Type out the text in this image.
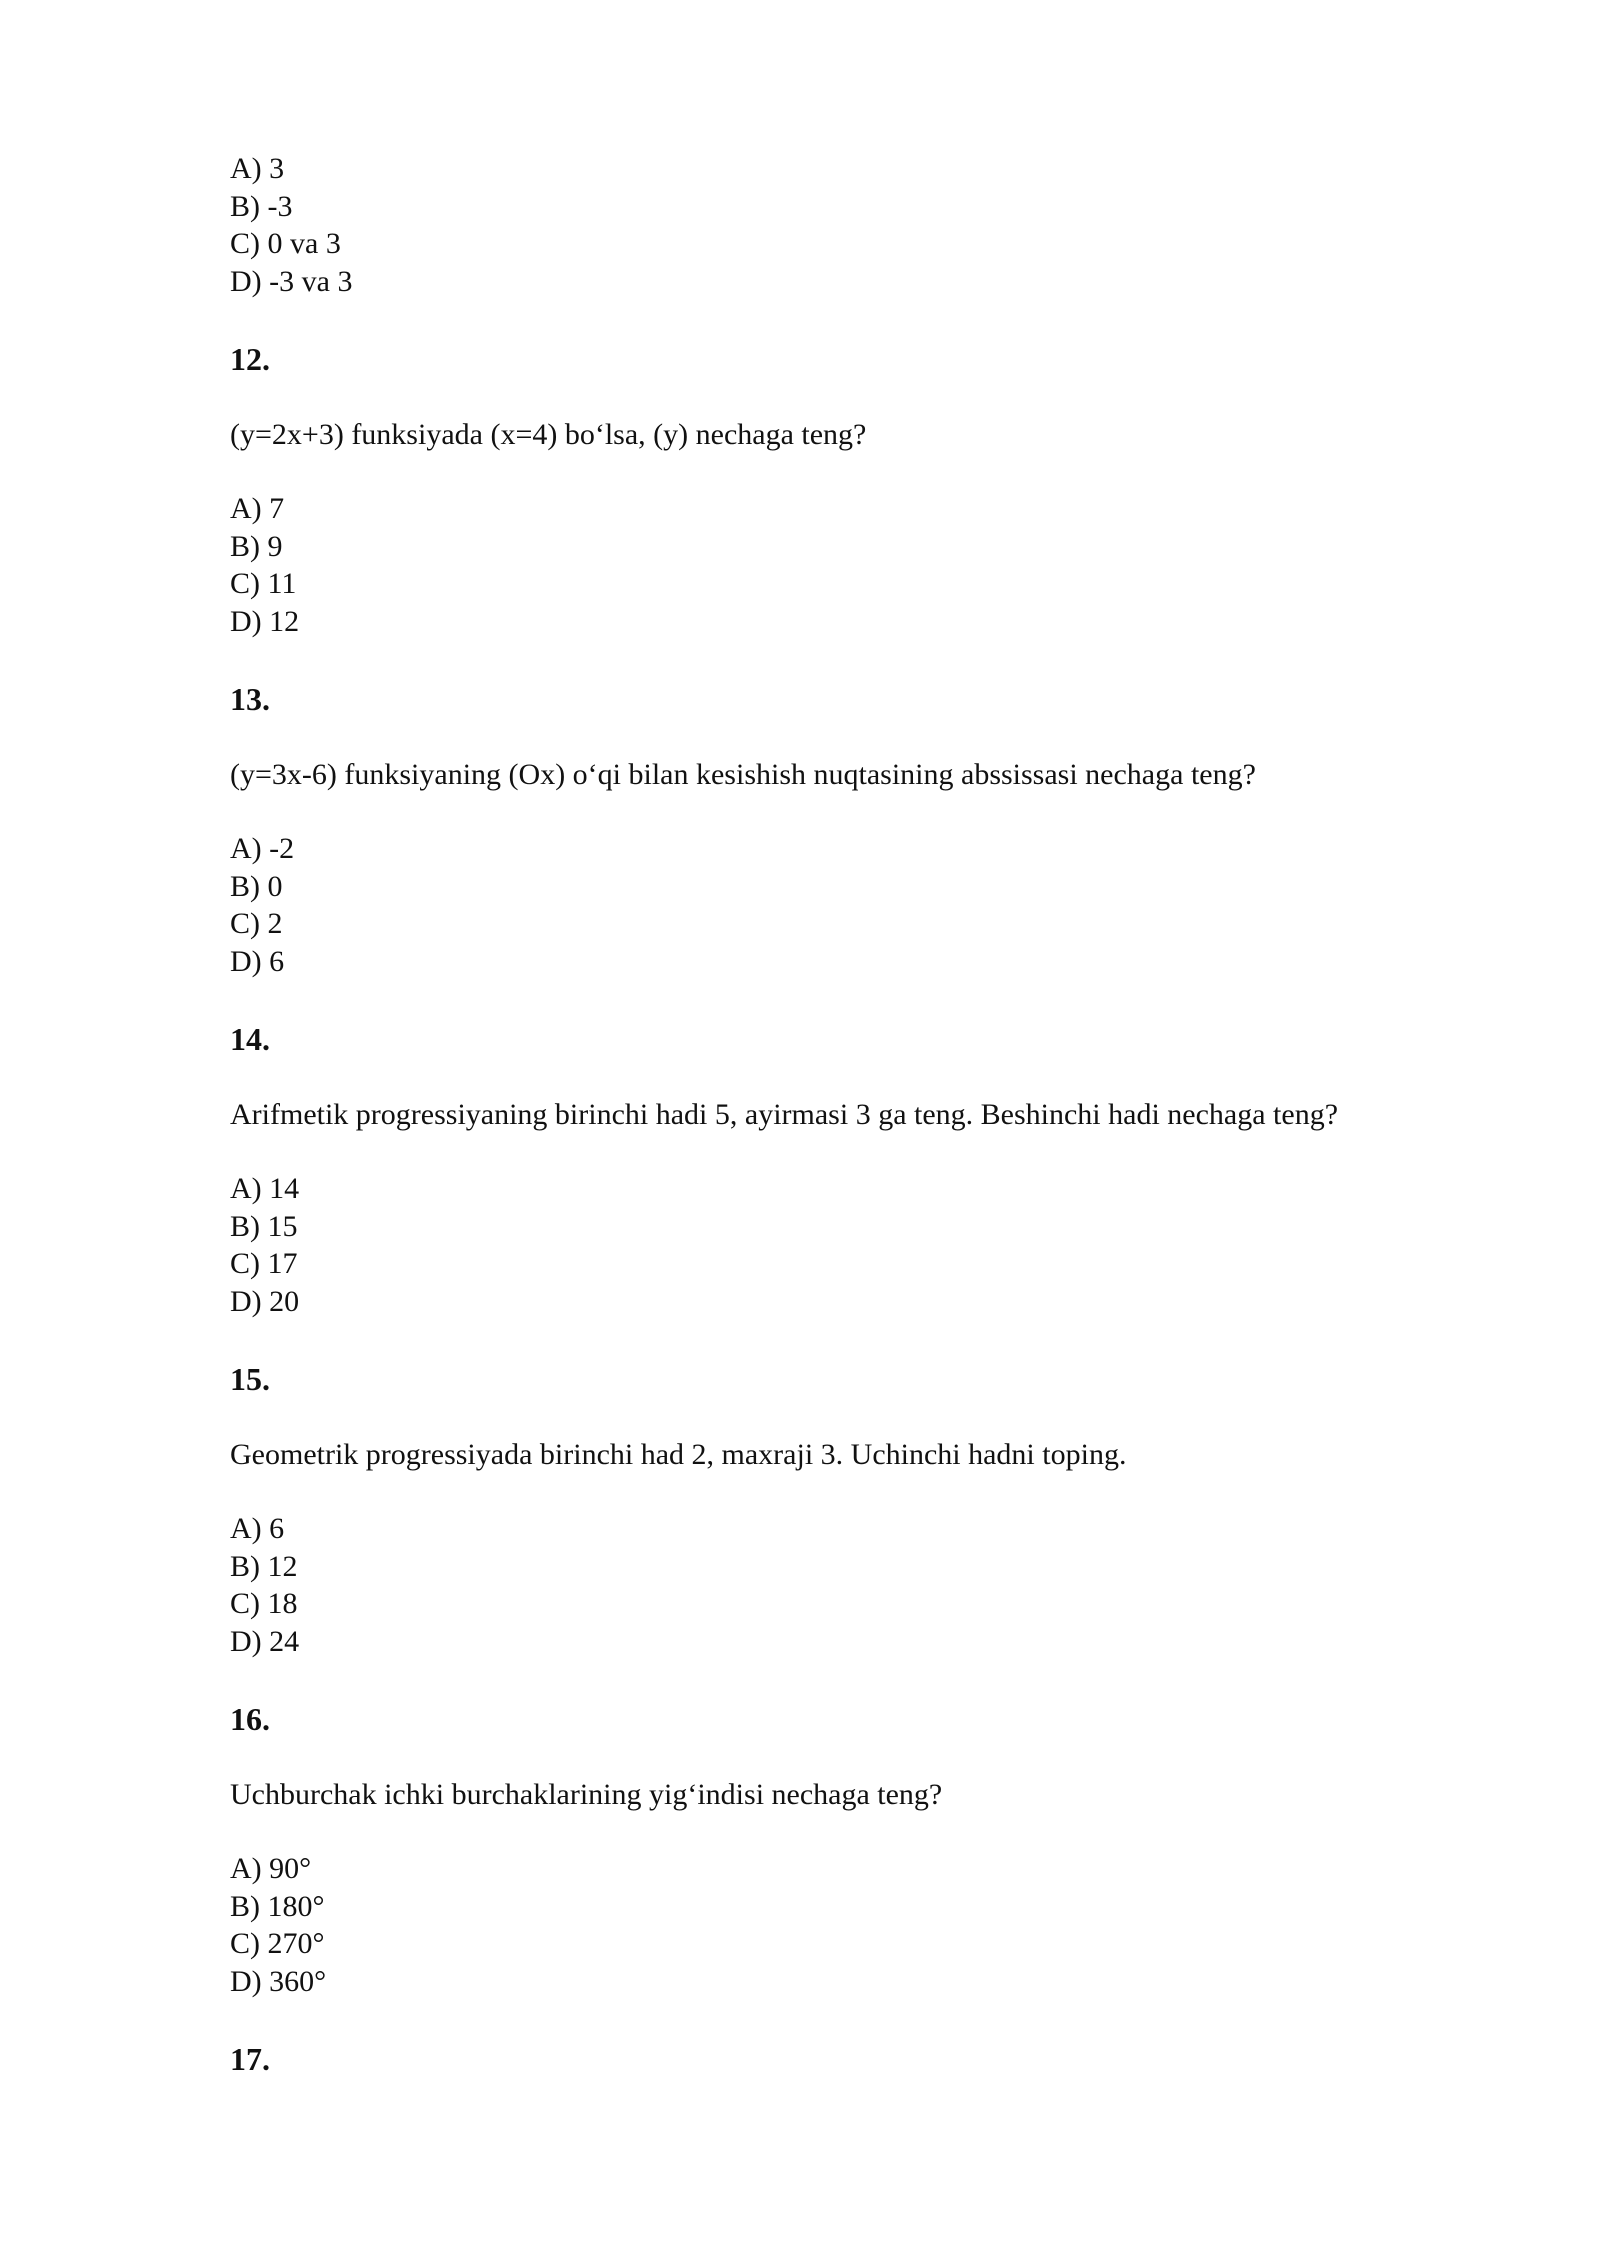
A) 3
B) -3
C) 0 va 3
D) -3 va 3
12.
(y=2x+3) funksiyada (x=4) bo‘lsa, (y) nechaga teng?
A) 7
B) 9
C) 11
D) 12
13.
(y=3x-6) funksiyaning (Ox) o‘qi bilan kesishish nuqtasining abssissasi nechaga teng?
A) -2
B) 0
C) 2
D) 6
14.
Arifmetik progressiyaning birinchi hadi 5, ayirmasi 3 ga teng. Beshinchi hadi nechaga teng?
A) 14
B) 15
C) 17
D) 20
15.
Geometrik progressiyada birinchi had 2, maxraji 3. Uchinchi hadni toping.
A) 6
B) 12
C) 18
D) 24
16.
Uchburchak ichki burchaklarining yig‘indisi nechaga teng?
A) 90°
B) 180°
C) 270°
D) 360°
17.
